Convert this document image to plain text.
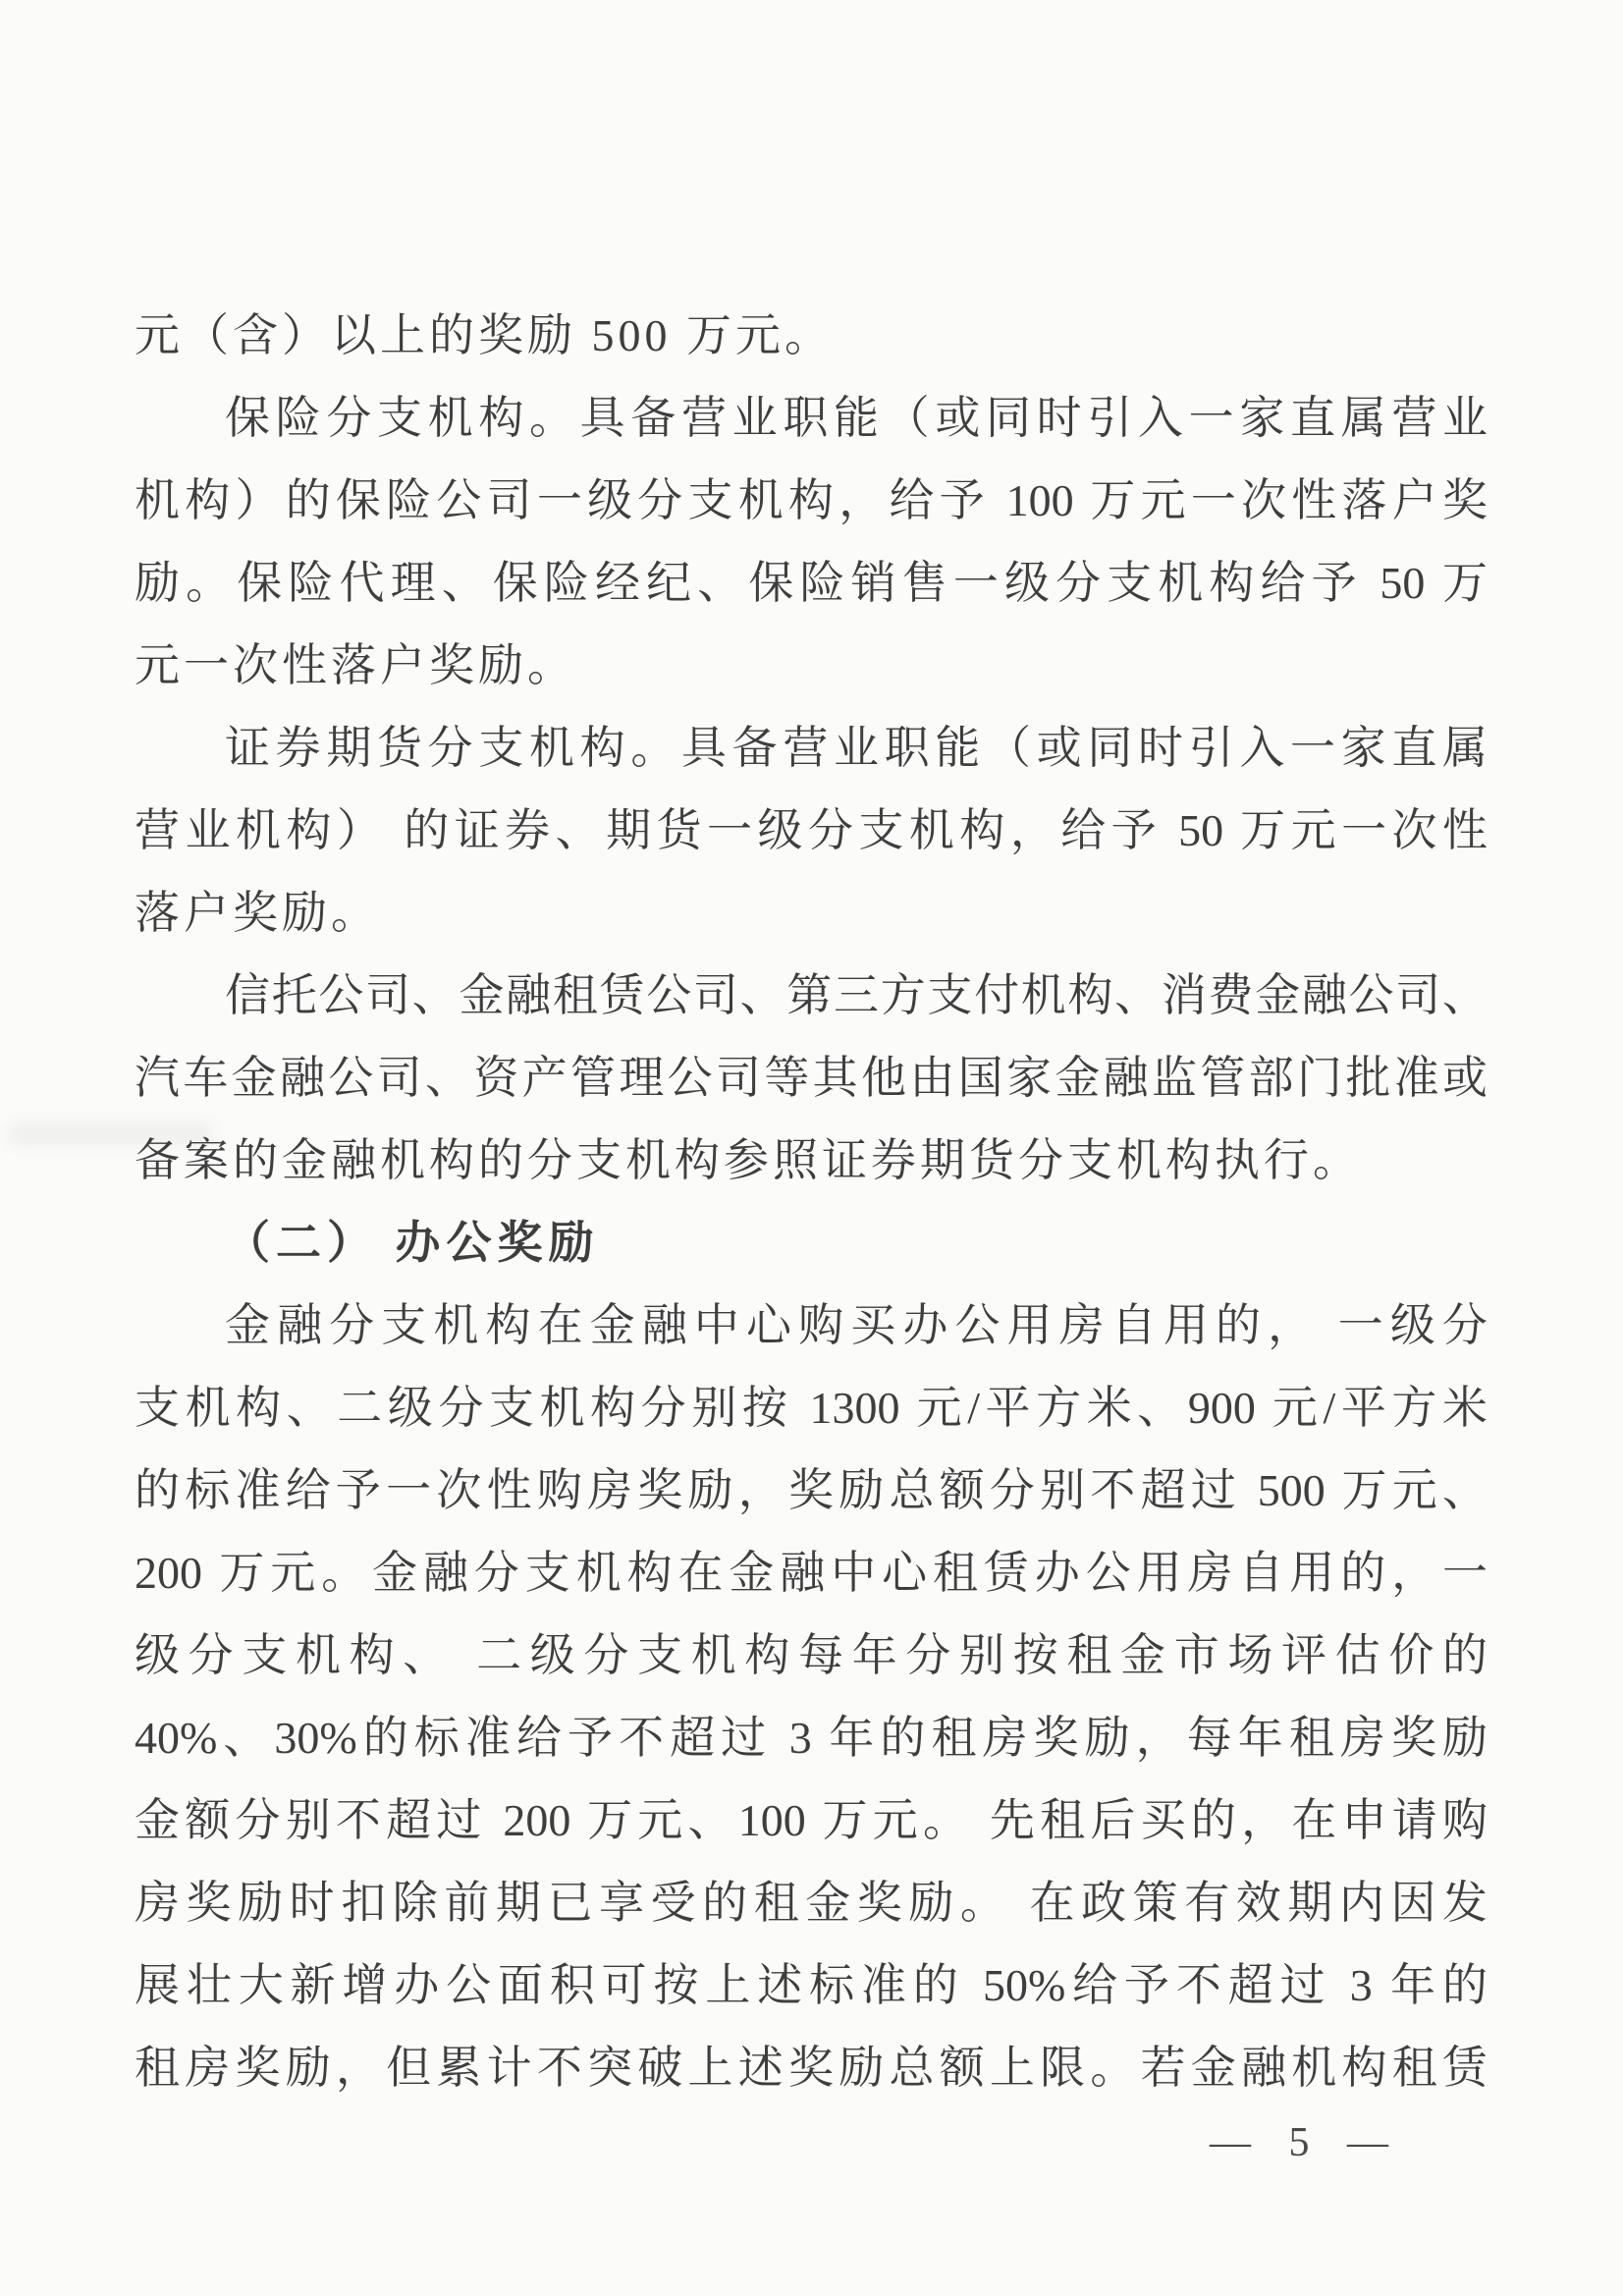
元（含）以上的奖励 500 万元。
保险分支机构。具备营业职能（或同时引入一家直属营业
机构）的保险公司一级分支机构，给予 100 万元一次性落户奖
励。保险代理、保险经纪、保险销售一级分支机构给予 50 万
元一次性落户奖励。
证券期货分支机构。具备营业职能（或同时引入一家直属
营业机构） 的证券、期货一级分支机构，给予 50 万元一次性
落户奖励。
信托公司、金融租赁公司、第三方支付机构、消费金融公司、
汽车金融公司、资产管理公司等其他由国家金融监管部门批准或
备案的金融机构的分支机构参照证券期货分支机构执行。
（二） 办公奖励
金融分支机构在金融中心购买办公用房自用的， 一级分
支机构、二级分支机构分别按 1300 元/平方米、900 元/平方米
的标准给予一次性购房奖励，奖励总额分别不超过 500 万元、
200 万元。金融分支机构在金融中心租赁办公用房自用的，一
级分支机构、 二级分支机构每年分别按租金市场评估价的
40%、30%的标准给予不超过 3 年的租房奖励，每年租房奖励
金额分别不超过 200 万元、100 万元。 先租后买的，在申请购
房奖励时扣除前期已享受的租金奖励。 在政策有效期内因发
展壮大新增办公面积可按上述标准的 50%给予不超过 3 年的
租房奖励，但累计不突破上述奖励总额上限。若金融机构租赁
— 5 —
